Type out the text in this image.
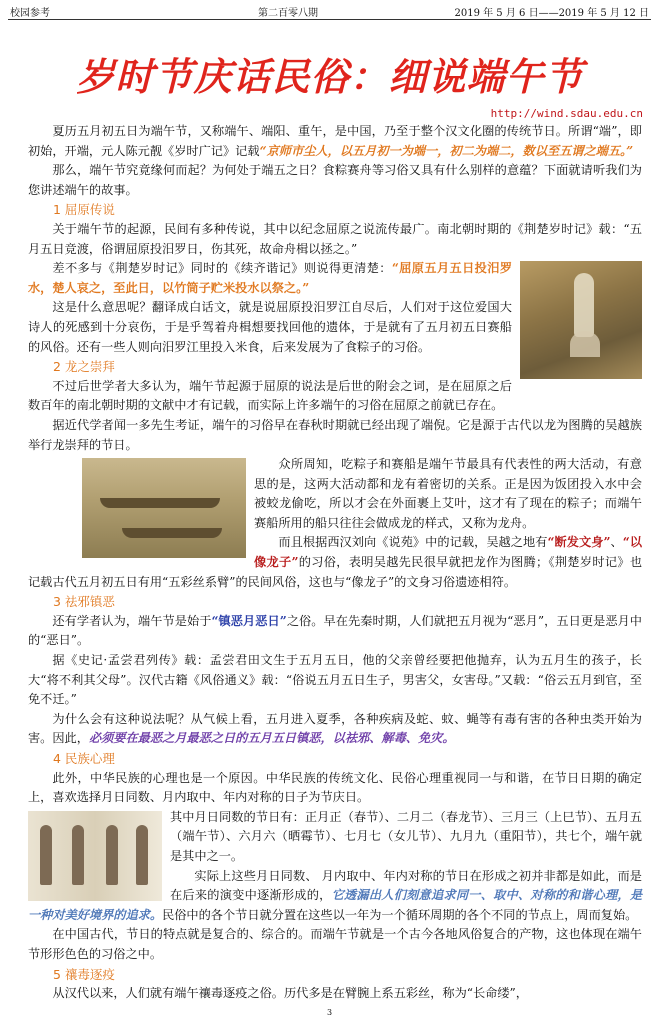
校园参考	第二百零八期	2019 年 5 月 6 日——2019 年 5 月 12 日
岁时节庆话民俗：细说端午节
http://wind.sdau.edu.cn

夏历五月初五日为端午节，又称端午、端阳、重午，是中国，乃至于整个汉文化圈的传统节日。所谓“端”，即初始，开端，元人陈元靓《岁时广记》记载“京师市尘人，以五月初一为端一，初二为端二，数以至五谓之端五。”

那么，端午节究竟缘何而起？为何处于端五之日？食粽赛舟等习俗又具有什么别样的意蕴？下面就请听我们为您讲述端午的故事。

1 屈原传说

关于端午节的起源，民间有多种传说，其中以纪念屈原之说流传最广。南北朝时期的《荆楚岁时记》载：“五月五日竞渡，俗谓屈原投汨罗日，伤其死，故命舟楫以拯之。”

差不多与《荆楚岁时记》同时的《续齐谐记》则说得更清楚：“屈原五月五日投汨罗水，楚人哀之，至此日，以竹筒子贮米投水以祭之。”

这是什么意思呢？翻译成白话文，就是说屈原投汨罗江自尽后，人们对于这位爱国大诗人的死感到十分哀伤，于是乎驾着舟楫想要找回他的遗体，于是就有了五月初五日赛船的风俗。还有一些人则向汨罗江里投入米食，后来发展为了食粽子的习俗。

2 龙之崇拜

不过后世学者大多认为，端午节起源于屈原的说法是后世的附会之词，是在屈原之后数百年的南北朝时期的文献中才有记载，而实际上许多端午的习俗在屈原之前就已存在。

据近代学者闻一多先生考证，端午的习俗早在春秋时期就已经出现了端倪。它是源于古代以龙为图腾的吴越族举行龙崇拜的节日。

众所周知，吃粽子和赛船是端午节最具有代表性的两大活动，有意思的是，这两大活动都和龙有着密切的关系。正是因为饭团投入水中会被蛟龙偷吃，所以才会在外面裹上艾叶，这才有了现在的粽子；而端午赛船所用的船只往往会做成龙的样式，又称为龙舟。

而且根据西汉刘向《说苑》中的记载，吴越之地有“断发文身”、“以像龙子”的习俗，表明吴越先民很早就把龙作为图腾；《荆楚岁时记》也记载古代五月初五日有用“五彩丝系臂”的民间风俗，这也与“像龙子”的文身习俗遗迹相符。

3 祛邪镇恶

还有学者认为，端午节是始于“镇恶月恶日”之俗。早在先秦时期，人们就把五月视为“恶月”，五日更是恶月中的“恶日”。

据《史记·孟尝君列传》载：孟尝君田文生于五月五日，他的父亲曾经要把他抛弃，认为五月生的孩子，长大“将不利其父母”。汉代古籍《风俗通义》载：“俗说五月五日生子，男害父，女害母。”又载：“俗云五月到官，至免不迁。”

为什么会有这种说法呢？从气候上看，五月进入夏季，各种疾病及蛇、蚊、蝇等有毒有害的各种虫类开始为害。因此，必须要在最恶之月最恶之日的五月五日镇恶，以祛邪、解毒、免灾。

4 民族心理

此外，中华民族的心理也是一个原因。中华民族的传统文化、民俗心理重视同一与和谐，在节日日期的确定上，喜欢选择月日同数、月内取中、年内对称的日子为节庆日。

其中月日同数的节日有：正月正（春节）、二月二（春龙节）、三月三（上巳节）、五月五（端午节）、六月六（晒霉节）、七月七（女儿节）、九月九（重阳节），共七个，端午就是其中之一。

实际上这些月日同数、 月内取中、年内对称的节日在形成之初并非都是如此，而是在后来的演变中逐渐形成的，它透漏出人们刻意追求同一、取中、对称的和谐心理，是一种对美好境界的追求。民俗中的各个节日就分置在这些以一年为一个循环周期的各个不同的节点上，周而复始。

在中国古代，节日的特点就是复合的、综合的。而端午节就是一个古今各地风俗复合的产物，这也体现在端午节形形色色的习俗之中。

5 禳毒逐疫

从汉代以来，人们就有端午禳毒逐疫之俗。历代多是在臂腕上系五彩丝，称为“长命缕”，

3
